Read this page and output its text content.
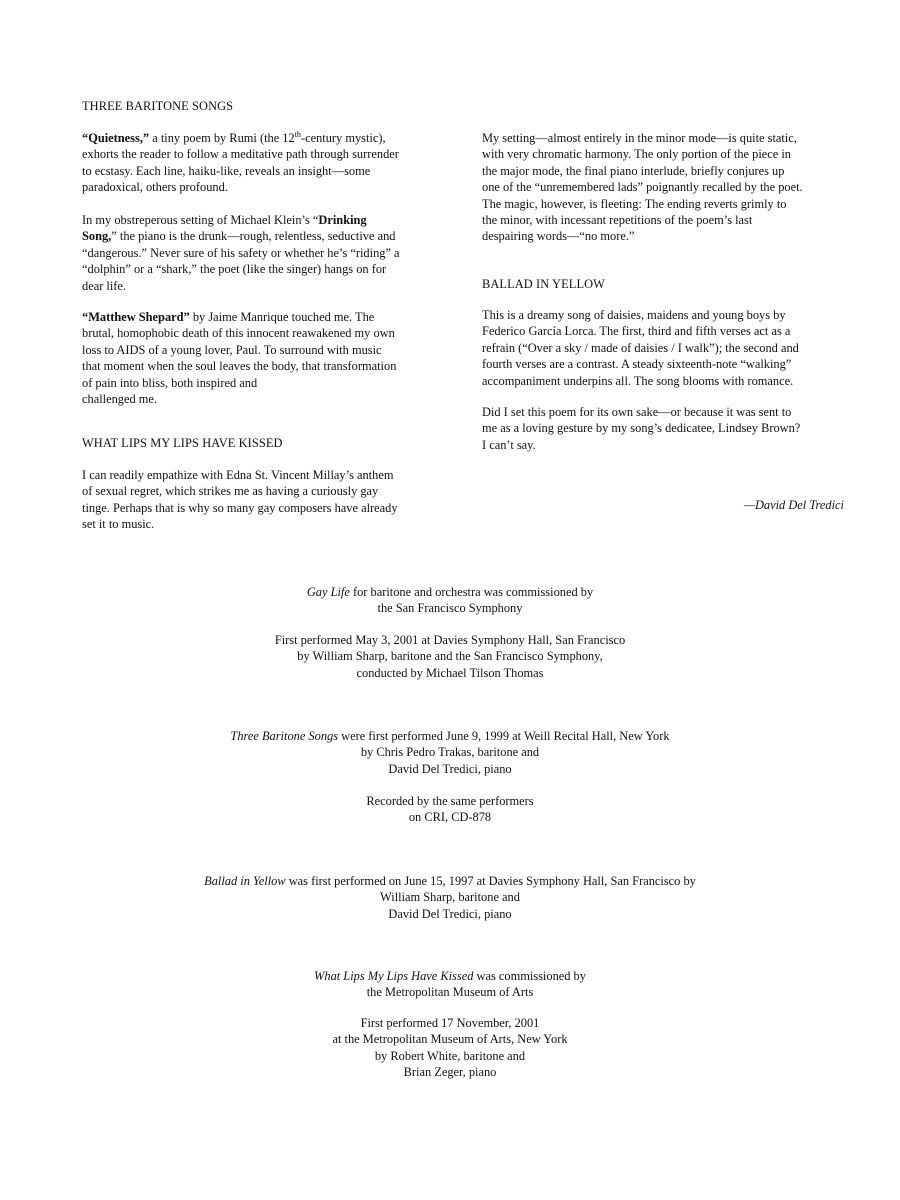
THREE BARITONE SONGS

“Quietness,” a tiny poem by Rumi (the 12th-century mystic),
exhorts the reader to follow a meditative path through surrender
to ecstasy. Each line, haiku-like, reveals an insight—some
paradoxical, others profound.

In my obstreperous setting of Michael Klein’s “Drinking
Song,” the piano is the drunk—rough, relentless, seductive and
“dangerous.” Never sure of his safety or whether he’s “riding” a
“dolphin” or a “shark,” the poet (like the singer) hangs on for
dear life.

“Matthew Shepard” by Jaime Manrique touched me. The
brutal, homophobic death of this innocent reawakened my own
loss to AIDS of a young lover, Paul. To surround with music
that moment when the soul leaves the body, that transformation
of pain into bliss, both inspired and
challenged me.

WHAT LIPS MY LIPS HAVE KISSED

I can readily empathize with Edna St. Vincent Millay’s anthem
of sexual regret, which strikes me as having a curiously gay
tinge. Perhaps that is why so many gay composers have already
set it to music.

My setting—almost entirely in the minor mode—is quite static,
with very chromatic harmony. The only portion of the piece in
the major mode, the final piano interlude, briefly conjures up
one of the “unremembered lads” poignantly recalled by the poet.
The magic, however, is fleeting: The ending reverts grimly to
the minor, with incessant repetitions of the poem’s last
despairing words—“no more.”

BALLAD IN YELLOW

This is a dreamy song of daisies, maidens and young boys by
Federico García Lorca. The first, third and fifth verses act as a
refrain (“Over a sky / made of daisies / I walk”); the second and
fourth verses are a contrast. A steady sixteenth-note “walking”
accompaniment underpins all. The song blooms with romance.

Did I set this poem for its own sake—or because it was sent to
me as a loving gesture by my song’s dedicatee, Lindsey Brown?
I can’t say.

—David Del Tredici
Gay Life for baritone and orchestra was commissioned by
the San Francisco Symphony
First performed May 3, 2001 at Davies Symphony Hall, San Francisco
by William Sharp, baritone and the San Francisco Symphony,
conducted by Michael Tilson Thomas
Three Baritone Songs were first performed June 9, 1999 at Weill Recital Hall, New York
by Chris Pedro Trakas, baritone and
David Del Tredici, piano
Recorded by the same performers
on CRI, CD-878
Ballad in Yellow was first performed on June 15, 1997 at Davies Symphony Hall, San Francisco by
William Sharp, baritone and
David Del Tredici, piano
What Lips My Lips Have Kissed was commissioned by
the Metropolitan Museum of Arts
First performed 17 November, 2001
at the Metropolitan Museum of Arts, New York
by Robert White, baritone and
Brian Zeger, piano
